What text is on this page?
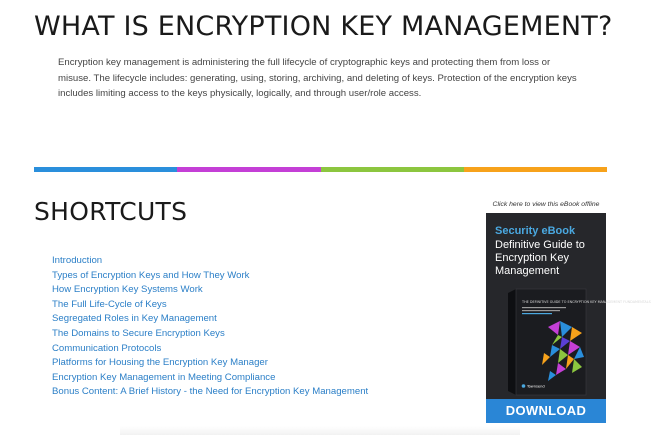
WHAT IS ENCRYPTION KEY MANAGEMENT?

Encryption key management is administering the full lifecycle of cryptographic keys and protecting them from loss or misuse. The lifecycle includes: generating, using, storing, archiving, and deleting of keys. Protection of the encryption keys includes limiting access to the keys physically, logically, and through user/role access.

SHORTCUTS
Introduction
Types of Encryption Keys and How They Work
How Encryption Key Systems Work
The Full Life-Cycle of Keys
Segregated Roles in Key Management
The Domains to Secure Encryption Keys
Communication Protocols
Platforms for Housing the Encryption Key Manager
Encryption Key Management in Meeting Compliance
Bonus Content: A Brief History - the Need for Encryption Key Management
Click here to view this eBook offline
Security eBook
Definitive Guide to Encryption Key Management
THE DEFINITIVE GUIDE TO ENCRYPTION KEY MANAGEMENT FUNDAMENTALS
Townsend
DOWNLOAD
